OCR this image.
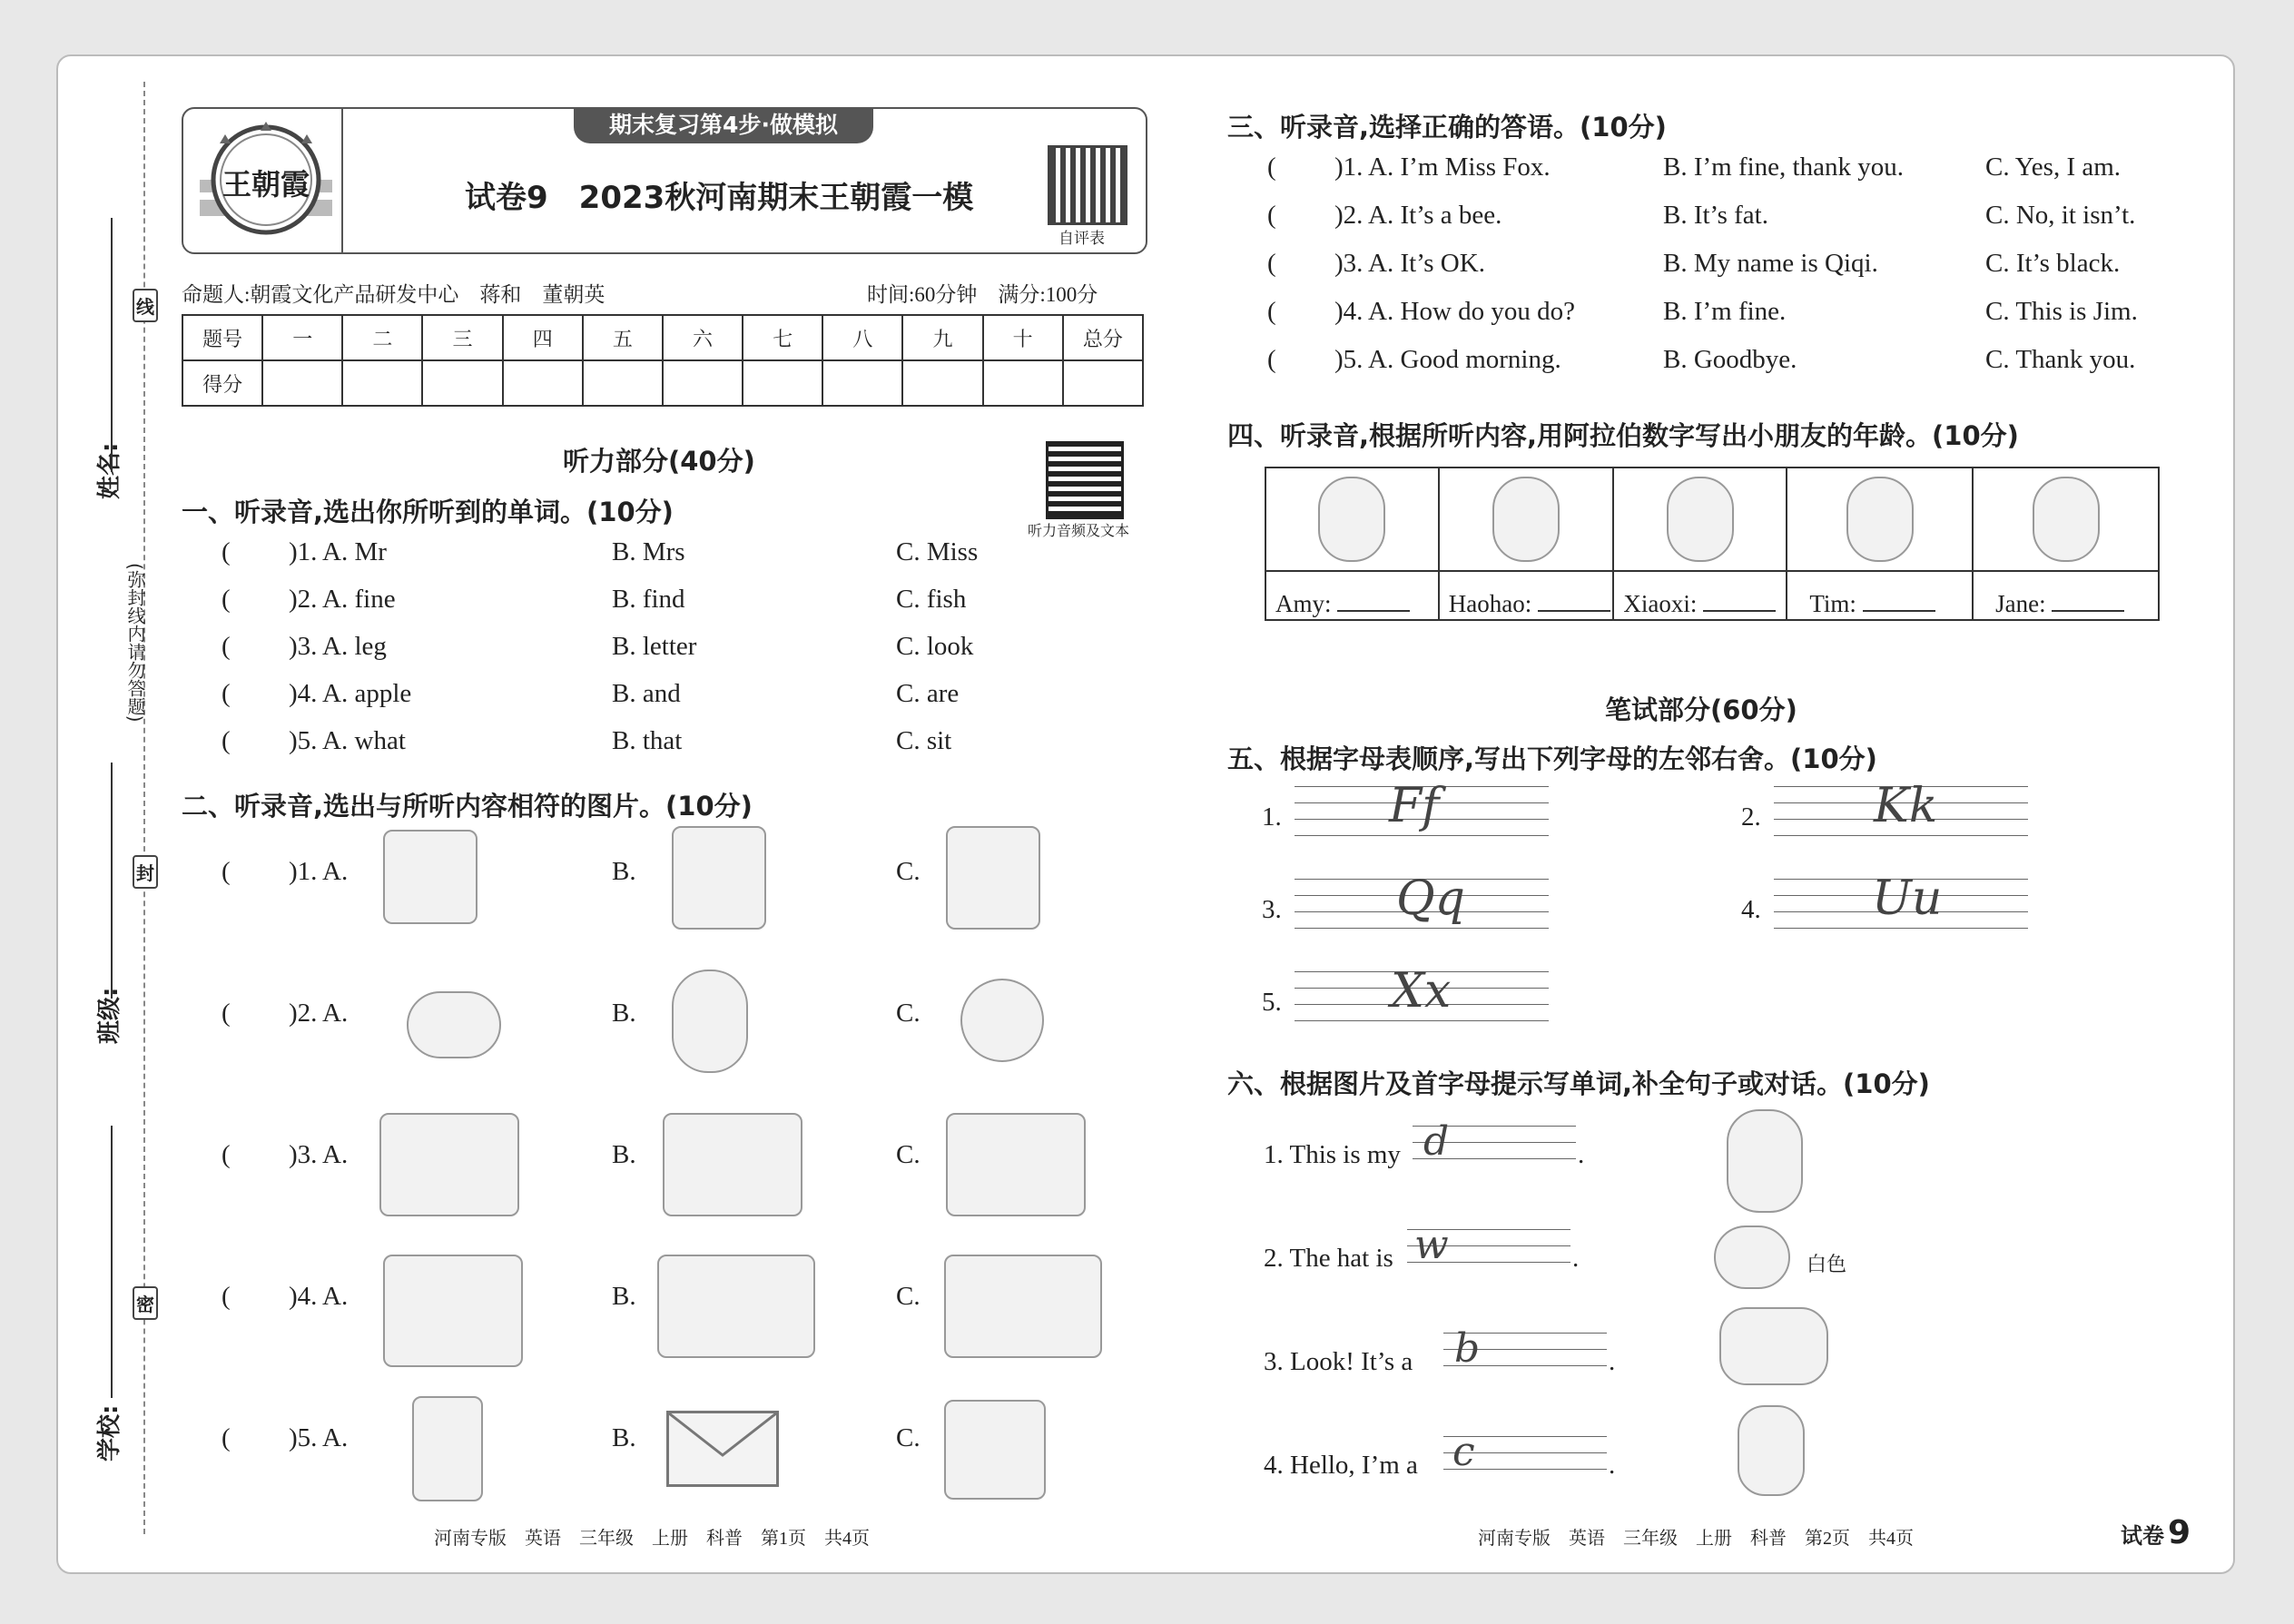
线
姓名:
(弥封线内请勿答题)
封
班级:
密
学校:
王朝霞
期末复习第4步·做模拟
试卷9　2023秋河南期末王朝霞一模
自评表
命题人:朝霞文化产品研发中心　蒋和　董朝英	时间:60分钟　满分:100分
题号	一	二	三	四	五	六	七	八	九	十	总分
得分											
听力部分(40分)
听力音频及文本
一、听录音,选出你所听到的单词。(10分)
( )1. A. Mr	B. Mrs	C. Miss
( )2. A. fine	B. find	C. fish
( )3. A. leg	B. letter	C. look
( )4. A. apple	B. and	C. are
( )5. A. what	B. that	C. sit
二、听录音,选出与所听内容相符的图片。(10分)
( )1. A.	B.	C.
( )2. A.	B.	C.
( )3. A.	B.	C.
( )4. A.	B.	C.
( )5. A.	B.	C.
河南专版　英语　三年级　上册　科普　第1页　共4页
三、听录音,选择正确的答语。(10分)
( )1. A. I’m Miss Fox.	B. I’m fine, thank you.	C. Yes, I am.
( )2. A. It’s a bee.	B. It’s fat.	C. No, it isn’t.
( )3. A. It’s OK.	B. My name is Qiqi.	C. It’s black.
( )4. A. How do you do?	B. I’m fine.	C. This is Jim.
( )5. A. Good morning.	B. Goodbye.	C. Thank you.
四、听录音,根据所听内容,用阿拉伯数字写出小朋友的年龄。(10分)

Amy:	Haohao:	Xiaoxi:	Tim:	Jane:
笔试部分(60分)
五、根据字母表顺序,写出下列字母的左邻右舍。(10分)
1. Ff	2. Kk
3. Qq	4. Uu
5. Xx
六、根据图片及首字母提示写单词,补全句子或对话。(10分)
1. This is my d	.
2. The hat is w	.	白色
3. Look! It’s a b	.
4. Hello, I’m a c	.
河南专版　英语　三年级　上册　科普　第2页　共4页	试卷 9
